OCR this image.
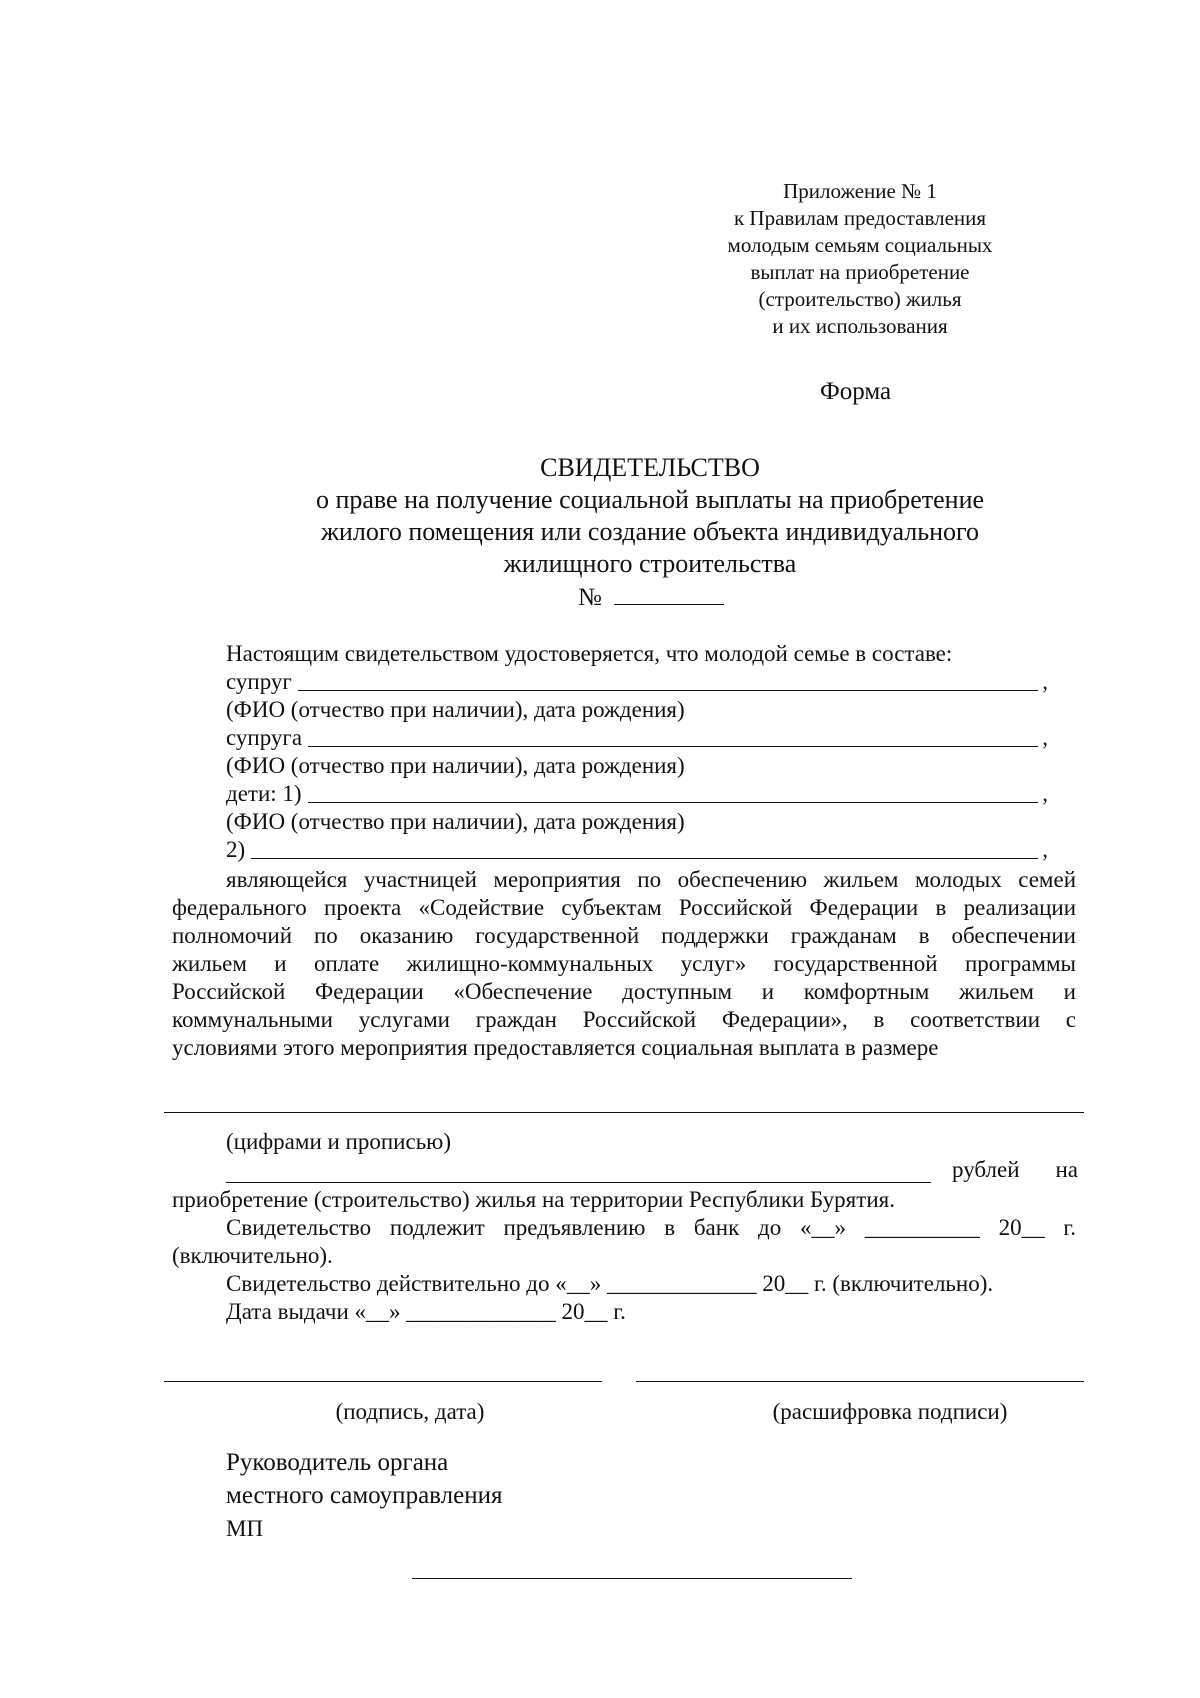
Приложение № 1
к Правилам предоставления
молодым семьям социальных
выплат на приобретение
(строительство) жилья
и их использования
Форма
СВИДЕТЕЛЬСТВО
о праве на получение социальной выплаты на приобретение
жилого помещения или создание объекта индивидуального
жилищного строительства
№
Настоящим свидетельством удостоверяется, что молодой семье в составе:
супруг	,
(ФИО (отчество при наличии), дата рождения)
супруга	,
(ФИО (отчество при наличии), дата рождения)
дети: 1)	,
(ФИО (отчество при наличии), дата рождения)
2)	,
являющейся участницей мероприятия по обеспечению жильем молодых семей
федерального проекта «Содействие субъектам Российской Федерации в реализации
полномочий по оказанию государственной поддержки гражданам в обеспечении
жильем и оплате жилищно-коммунальных услуг» государственной программы
Российской Федерации «Обеспечение доступным и комфортным жильем и
коммунальными услугами граждан Российской Федерации», в соответствии с
условиями этого мероприятия предоставляется социальная выплата в размере
(цифрами и прописью)
рублей на
приобретение (строительство) жилья на территории Республики Бурятия.
Свидетельство подлежит предъявлению в банк до «__» __________ 20__ г.
(включительно).
Свидетельство действительно до «__» _____________ 20__ г. (включительно).
Дата выдачи «__» _____________ 20__ г.
(подпись, дата)	(расшифровка подписи)
Руководитель органа
местного самоуправления
МП
